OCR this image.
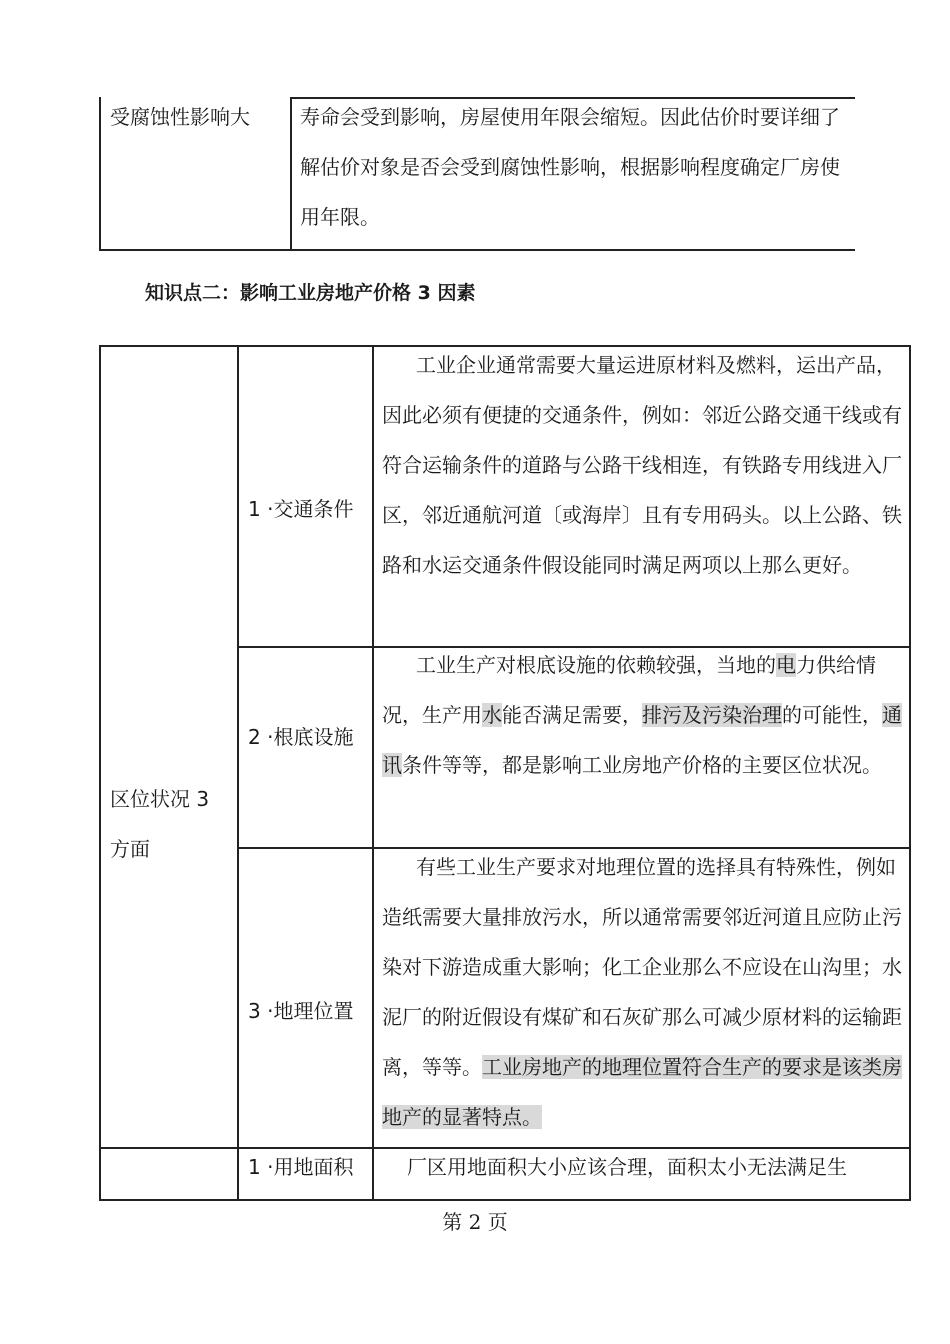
受腐蚀性影响大	寿命会受到影响，房屋使用年限会缩短。因此估价时要详细了解估价对象是否会受到腐蚀性影响，根据影响程度确定厂房使用年限。
知识点二：影响工业房地产价格 3 因素
区位状况 3 方面
1 ·交通条件
工业企业通常需要大量运进原材料及燃料，运出产品，因此必须有便捷的交通条件，例如：邻近公路交通干线或有符合运输条件的道路与公路干线相连，有铁路专用线进入厂区，邻近通航河道〔或海岸〕且有专用码头。以上公路、铁路和水运交通条件假设能同时满足两项以上那么更好。
2 ·根底设施
工业生产对根底设施的依赖较强，当地的电力供给情况，生产用水能否满足需要，排污及污染治理的可能性，通讯条件等等，都是影响工业房地产价格的主要区位状况。
3 ·地理位置
有些工业生产要求对地理位置的选择具有特殊性，例如造纸需要大量排放污水，所以通常需要邻近河道且应防止污染对下游造成重大影响；化工企业那么不应设在山沟里；水泥厂的附近假设有煤矿和石灰矿那么可减少原材料的运输距离，等等。工业房地产的地理位置符合生产的要求是该类房地产的显著特点。
1 ·用地面积	厂区用地面积大小应该合理，面积太小无法满足生
第 2 页
